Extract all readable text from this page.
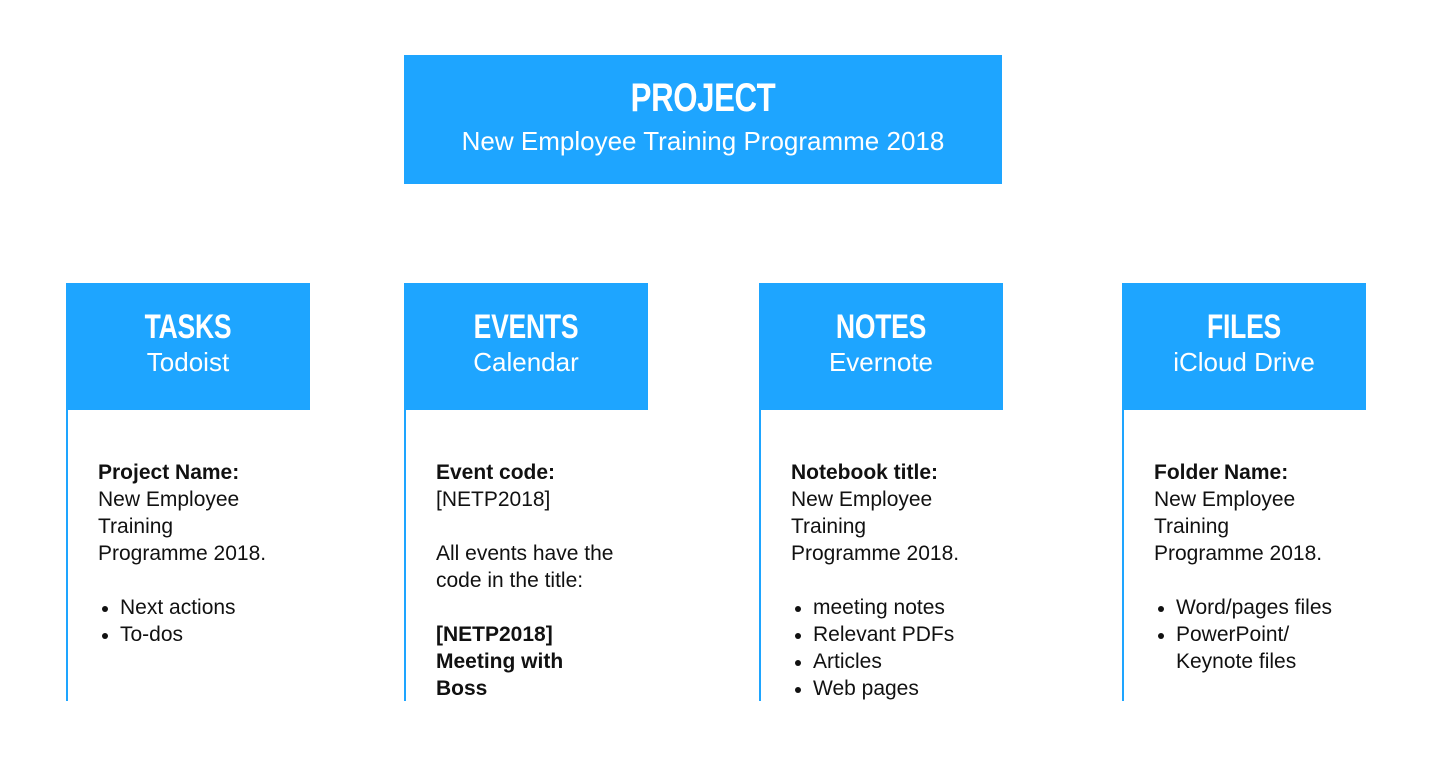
PROJECT
New Employee Training Programme 2018
TASKS
Todoist

Project Name:

New Employee

Training

Programme 2018.

Next actions
To-dos
EVENTS
Calendar

Event code:

[NETP2018]

All events have the

code in the title:

[NETP2018]

Meeting with

Boss

NOTES
Evernote

Notebook title:

New Employee

Training

Programme 2018.

meeting notes
Relevant PDFs
Articles
Web pages
FILES
iCloud Drive

Folder Name:

New Employee

Training

Programme 2018.

Word/pages files
PowerPoint/
Keynote files
